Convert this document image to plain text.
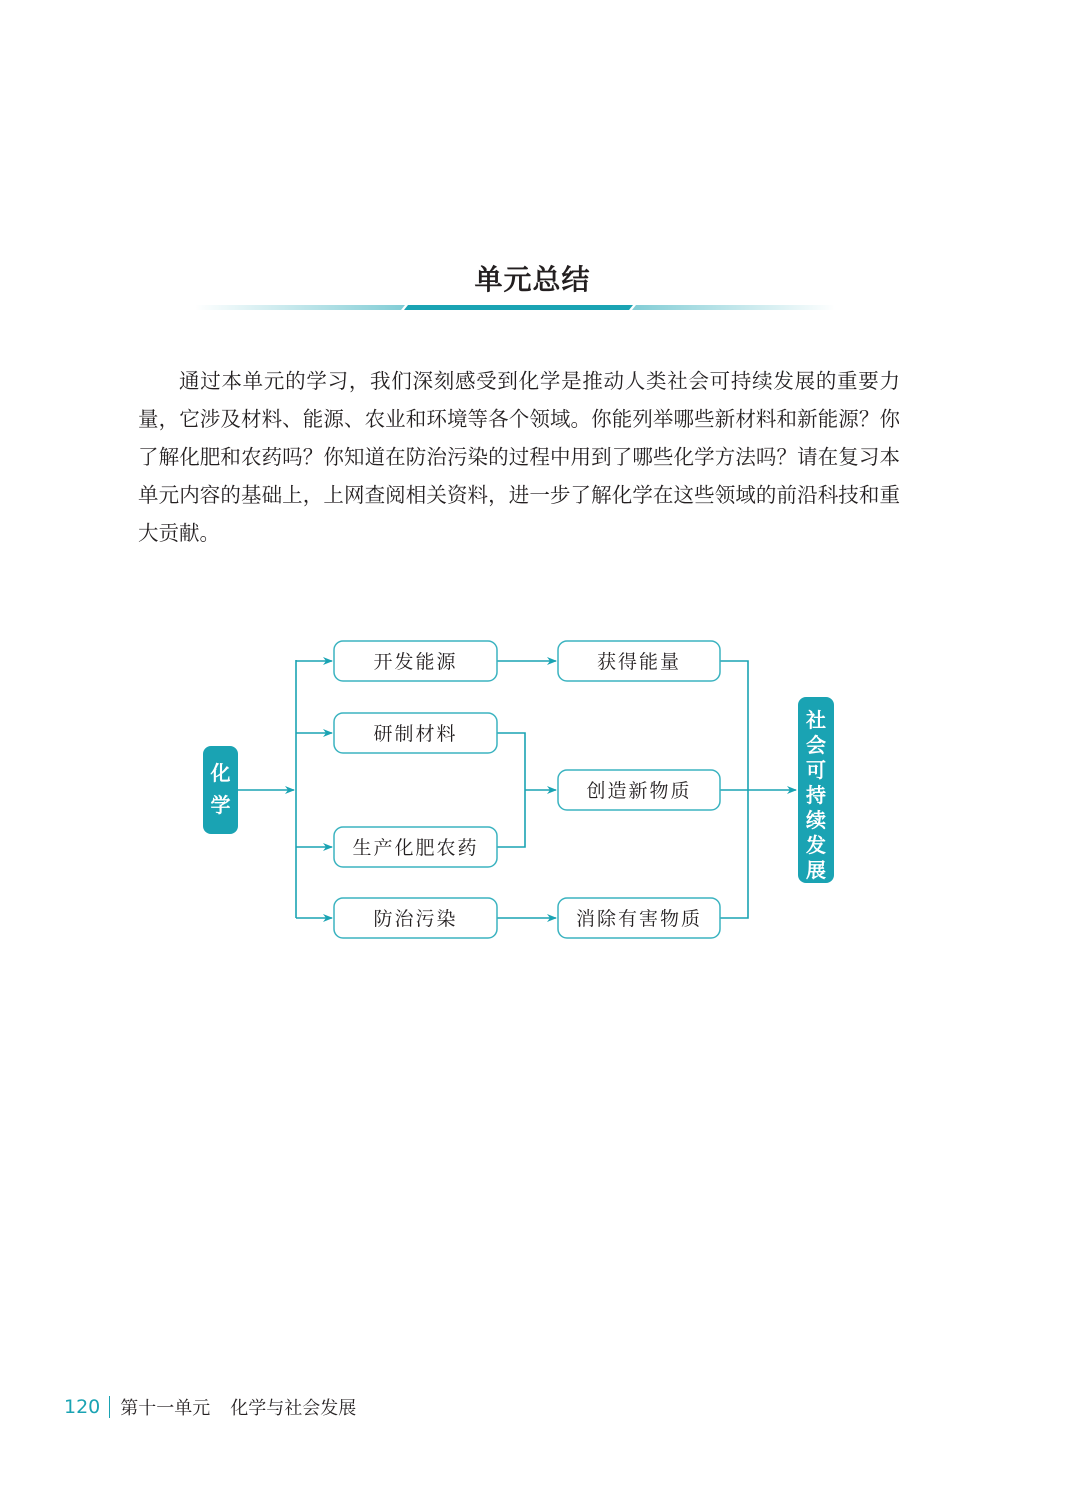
单元总结

通过本单元的学习，我们深刻感受到化学是推动人类社会可持续发展的重要力量，它涉及材料、能源、农业和环境等各个领域。你能列举哪些新材料和新能源？你了解化肥和农药吗？你知道在防治污染的过程中用到了哪些化学方法吗？请在复习本单元内容的基础上，上网查阅相关资料，进一步了解化学在这些领域的前沿科技和重大贡献。

化
学
社
会
可
持
续
发
展
开发能源
研制材料
生产化肥农药
防治污染
获得能量
创造新物质
消除有害物质
120 第十一单元 化学与社会发展
